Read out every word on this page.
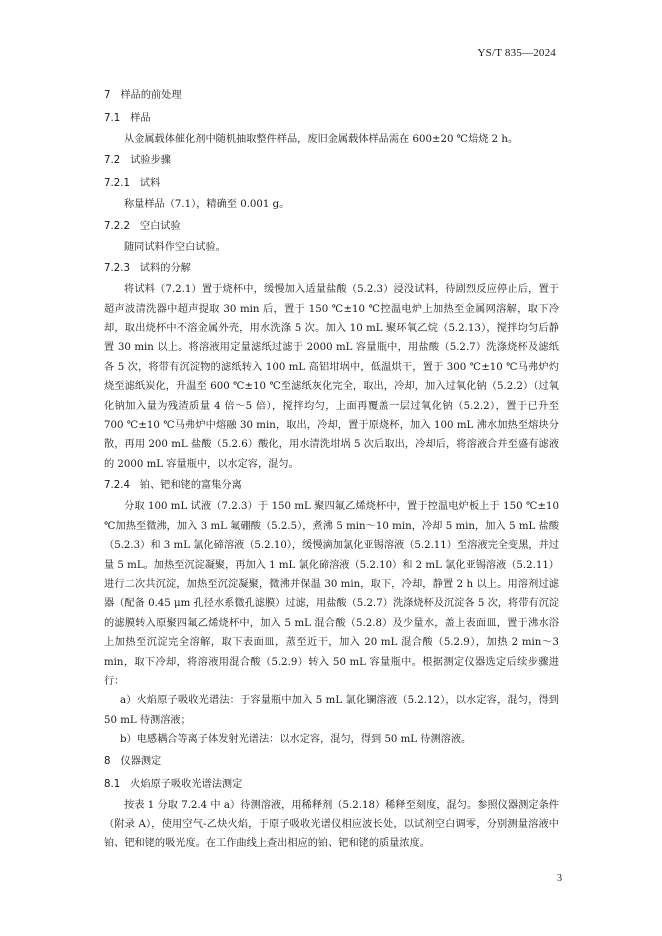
YS/T 835—2024
7 样品的前处理
7.1 样品

从金属载体催化剂中随机抽取整件样品，废旧金属载体样品需在 600±20 ℃焙烧 2 h。

7.2 试验步骤
7.2.1 试料

称量样品（7.1），精确至 0.001 g。

7.2.2 空白试验

随同试料作空白试验。

7.2.3 试料的分解

将试料（7.2.1）置于烧杯中，缓慢加入适量盐酸（5.2.3）浸没试料，待剧烈反应停止后，置于超声波清洗器中超声提取 30 min 后，置于 150 ℃±10 ℃控温电炉上加热至金属网溶解，取下冷却，取出烧杯中不溶金属外壳，用水洗涤 5 次。加入 10 mL 聚环氧乙烷（5.2.13），搅拌均匀后静置 30 min 以上。将溶液用定量滤纸过滤于 2000 mL 容量瓶中，用盐酸（5.2.7）洗涤烧杯及滤纸各 5 次，将带有沉淀物的滤纸转入 100 mL 高铝坩埚中，低温烘干，置于 300 ℃±10 ℃马弗炉灼烧至滤纸炭化，升温至 600 ℃±10 ℃至滤纸灰化完全，取出，冷却，加入过氧化钠（5.2.2）（过氧化钠加入量为残渣质量 4 倍～5 倍），搅拌均匀，上面再覆盖一层过氧化钠（5.2.2），置于已升至 700 ℃±10 ℃马弗炉中熔融 30 min，取出，冷却，置于原烧杯，加入 100 mL 沸水加热至熔块分散，再用 200 mL 盐酸（5.2.6）酸化，用水清洗坩埚 5 次后取出，冷却后，将溶液合并至盛有滤液的 2000 mL 容量瓶中，以水定容，混匀。

7.2.4 铂、钯和铑的富集分离

分取 100 mL 试液（7.2.3）于 150 mL 聚四氟乙烯烧杯中，置于控温电炉板上于 150 ℃±10 ℃加热至微沸，加入 3 mL 氟硼酸（5.2.5），煮沸 5 min～10 min，冷却 5 min，加入 5 mL 盐酸（5.2.3）和 3 mL 氯化碲溶液（5.2.10），缓慢滴加氯化亚锡溶液（5.2.11）至溶液完全变黑，并过量 5 mL。加热至沉淀凝聚，再加入 1 mL 氯化碲溶液（5.2.10）和 2 mL 氯化亚锡溶液（5.2.11）进行二次共沉淀，加热至沉淀凝聚，微沸并保温 30 min，取下，冷却，静置 2 h 以上。用溶剂过滤器（配备 0.45 μm 孔径水系微孔滤膜）过滤，用盐酸（5.2.7）洗涤烧杯及沉淀各 5 次，将带有沉淀的滤膜转入原聚四氟乙烯烧杯中，加入 5 mL 混合酸（5.2.8）及少量水，盖上表面皿，置于沸水浴上加热至沉淀完全溶解，取下表面皿，蒸至近干，加入 20 mL 混合酸（5.2.9），加热 2 min～3 min，取下冷却，将溶液用混合酸（5.2.9）转入 50 mL 容量瓶中。根据测定仪器选定后续步骤进行：

a）火焰原子吸收光谱法：于容量瓶中加入 5 mL 氯化镧溶液（5.2.12），以水定容，混匀，得到 50 mL 待测溶液；

b）电感耦合等离子体发射光谱法：以水定容，混匀，得到 50 mL 待测溶液。

8 仪器测定
8.1 火焰原子吸收光谱法测定

按表 1 分取 7.2.4 中 a）待测溶液，用稀释剂（5.2.18）稀释至刻度，混匀。参照仪器测定条件（附录 A），使用空气-乙炔火焰，于原子吸收光谱仪相应波长处，以试剂空白调零，分别测量溶液中铂、钯和铑的吸光度。在工作曲线上查出相应的铂、钯和铑的质量浓度。

3
